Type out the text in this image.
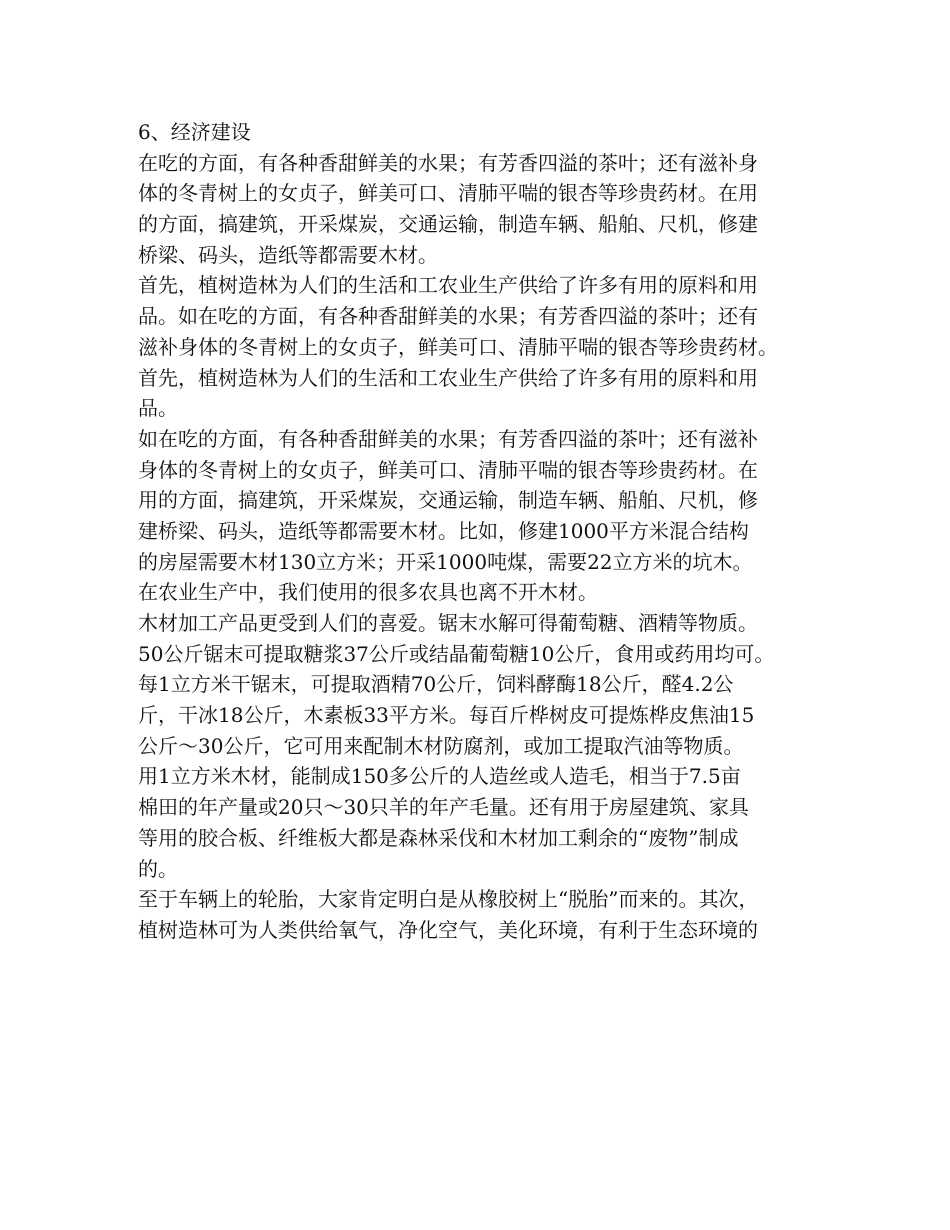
6、经济建设
在吃的方面，有各种香甜鲜美的水果；有芳香四溢的茶叶；还有滋补身
体的冬青树上的女贞子，鲜美可口、清肺平喘的银杏等珍贵药材。在用
的方面，搞建筑，开采煤炭，交通运输，制造车辆、船舶、尺机，修建
桥梁、码头，造纸等都需要木材。
首先，植树造林为人们的生活和工农业生产供给了许多有用的原料和用
品。如在吃的方面，有各种香甜鲜美的水果；有芳香四溢的茶叶；还有
滋补身体的冬青树上的女贞子，鲜美可口、清肺平喘的银杏等珍贵药材。
首先，植树造林为人们的生活和工农业生产供给了许多有用的原料和用
品。
如在吃的方面，有各种香甜鲜美的水果；有芳香四溢的茶叶；还有滋补
身体的冬青树上的女贞子，鲜美可口、清肺平喘的银杏等珍贵药材。在
用的方面，搞建筑，开采煤炭，交通运输，制造车辆、船舶、尺机，修
建桥梁、码头，造纸等都需要木材。比如，修建1000平方米混合结构
的房屋需要木材130立方米；开采1000吨煤，需要22立方米的坑木。
在农业生产中，我们使用的很多农具也离不开木材。
木材加工产品更受到人们的喜爱。锯末水解可得葡萄糖、酒精等物质。
50公斤锯末可提取糖浆37公斤或结晶葡萄糖10公斤，食用或药用均可。
每1立方米干锯末，可提取酒精70公斤，饲料酵酶18公斤，醛4.2公
斤，干冰18公斤，木素板33平方米。每百斤桦树皮可提炼桦皮焦油15
公斤～30公斤，它可用来配制木材防腐剂，或加工提取汽油等物质。
用1立方米木材，能制成150多公斤的人造丝或人造毛，相当于7.5亩
棉田的年产量或20只～30只羊的年产毛量。还有用于房屋建筑、家具
等用的胶合板、纤维板大都是森林采伐和木材加工剩余的“废物”制成
的。
至于车辆上的轮胎，大家肯定明白是从橡胶树上“脱胎”而来的。其次，
植树造林可为人类供给氧气，净化空气，美化环境，有利于生态环境的
